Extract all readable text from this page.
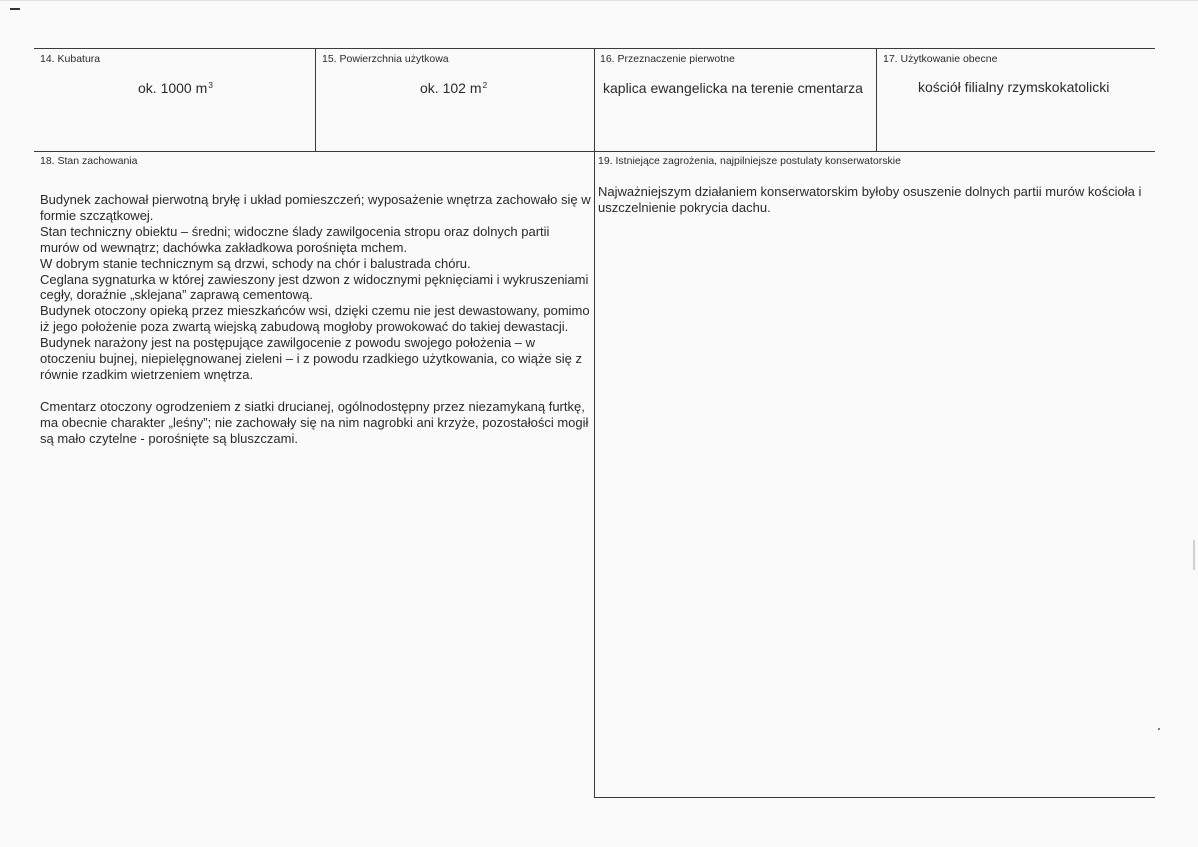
14. Kubatura
ok. 1000 $m^3$
15. Powierzchnia użytkowa
ok. 102 $m^2$
16. Przeznaczenie pierwotne
kaplica ewangelicka na terenie cmentarza
17. Użytkowanie obecne
kościół filialny rzymskokatolicki
18. Stan zachowania

Budynek zachował pierwotną bryłę i układ pomieszczeń; wyposażenie wnętrza zachowało się w formie szczątkowej.

Stan techniczny obiektu – średni; widoczne ślady zawilgocenia stropu oraz dolnych partii murów od wewnątrz; dachówka zakładkowa porośnięta mchem.

W dobrym stanie technicznym są drzwi, schody na chór i balustrada chóru.

Ceglana sygnaturka w której zawieszony jest dzwon z widocznymi pęknięciami i wykruszeniami cegły, doraźnie „sklejana” zaprawą cementową.

Budynek otoczony opieką przez mieszkańców wsi, dzięki czemu nie jest dewastowany, pomimo iż jego położenie poza zwartą wiejską zabudową mogłoby prowokować do takiej dewastacji.

Budynek narażony jest na postępujące zawilgocenie z powodu swojego położenia – w otoczeniu bujnej, niepielęgnowanej zieleni – i z powodu rzadkiego użytkowania, co wiąże się z równie rzadkim wietrzeniem wnętrza.

Cmentarz otoczony ogrodzeniem z siatki drucianej, ogólnodostępny przez niezamykaną furtkę, ma obecnie charakter „leśny”; nie zachowały się na nim nagrobki ani krzyże, pozostałości mogił są mało czytelne - porośnięte są bluszczami.

19. Istniejące zagrożenia, najpilniejsze postulaty konserwatorskie
Najważniejszym działaniem konserwatorskim byłoby osuszenie dolnych partii murów kościoła i uszczelnienie pokrycia dachu.
